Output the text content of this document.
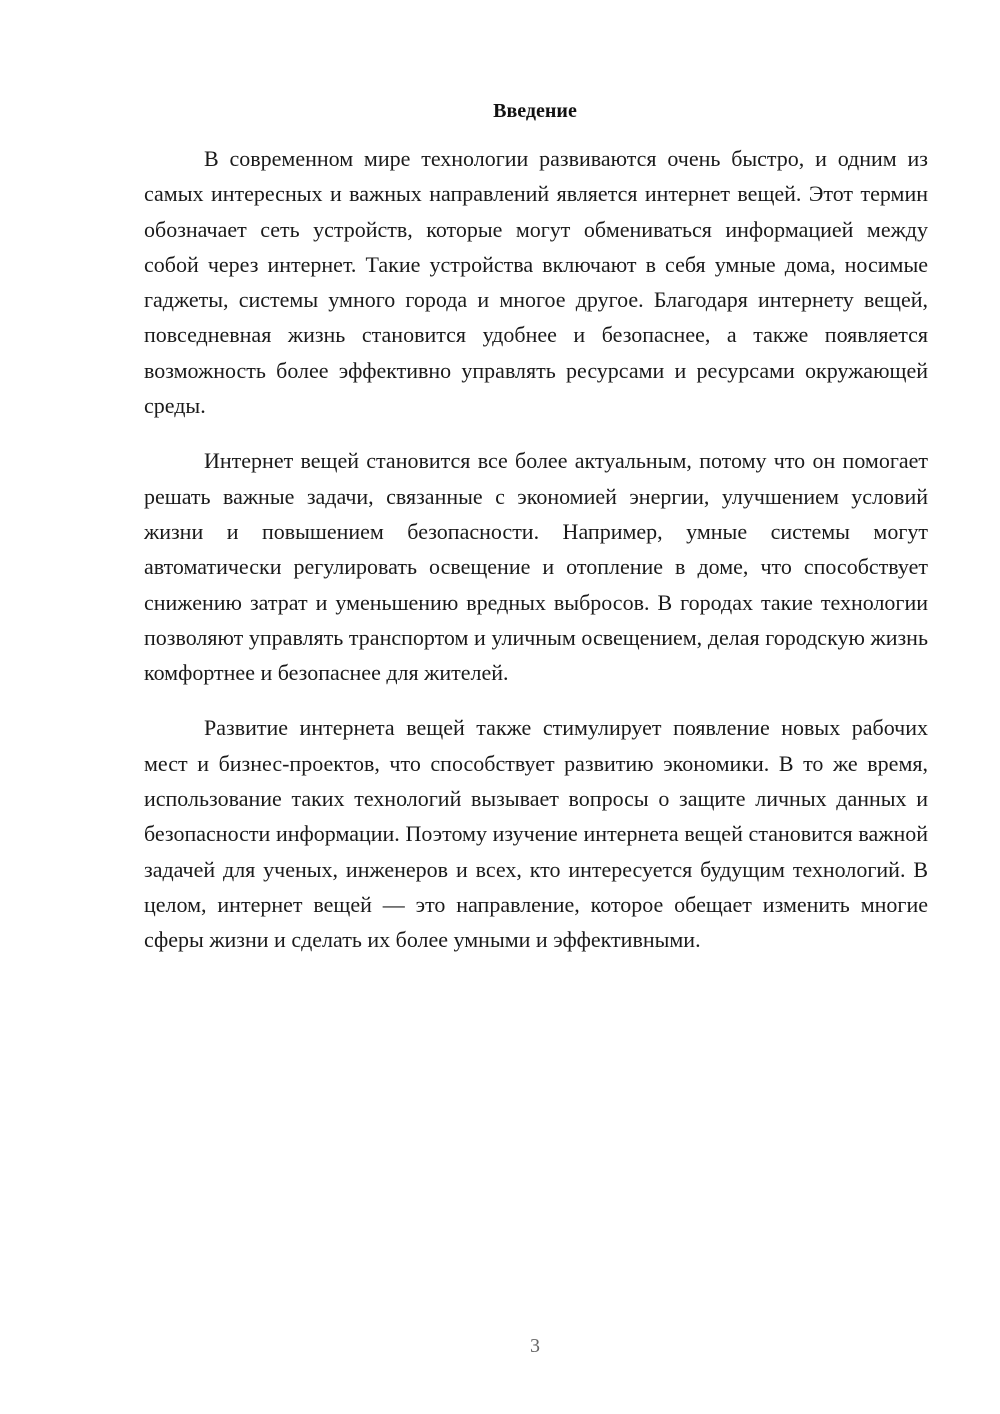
Введение

В современном мире технологии развиваются очень быстро, и одним из самых интересных и важных направлений является интернет вещей. Этот термин обозначает сеть устройств, которые могут обмениваться информацией между собой через интернет. Такие устройства включают в себя умные дома, носимые гаджеты, системы умного города и многое другое. Благодаря интернету вещей, повседневная жизнь становится удобнее и безопаснее, а также появляется возможность более эффективно управлять ресурсами и ресурсами окружающей среды.

Интернет вещей становится все более актуальным, потому что он помогает решать важные задачи, связанные с экономией энергии, улучшением условий жизни и повышением безопасности. Например, умные системы могут автоматически регулировать освещение и отопление в доме, что способствует снижению затрат и уменьшению вредных выбросов. В городах такие технологии позволяют управлять транспортом и уличным освещением, делая городскую жизнь комфортнее и безопаснее для жителей.

Развитие интернета вещей также стимулирует появление новых рабочих мест и бизнес-проектов, что способствует развитию экономики. В то же время, использование таких технологий вызывает вопросы о защите личных данных и безопасности информации. Поэтому изучение интернета вещей становится важной задачей для ученых, инженеров и всех, кто интересуется будущим технологий. В целом, интернет вещей — это направление, которое обещает изменить многие сферы жизни и сделать их более умными и эффективными.

3
